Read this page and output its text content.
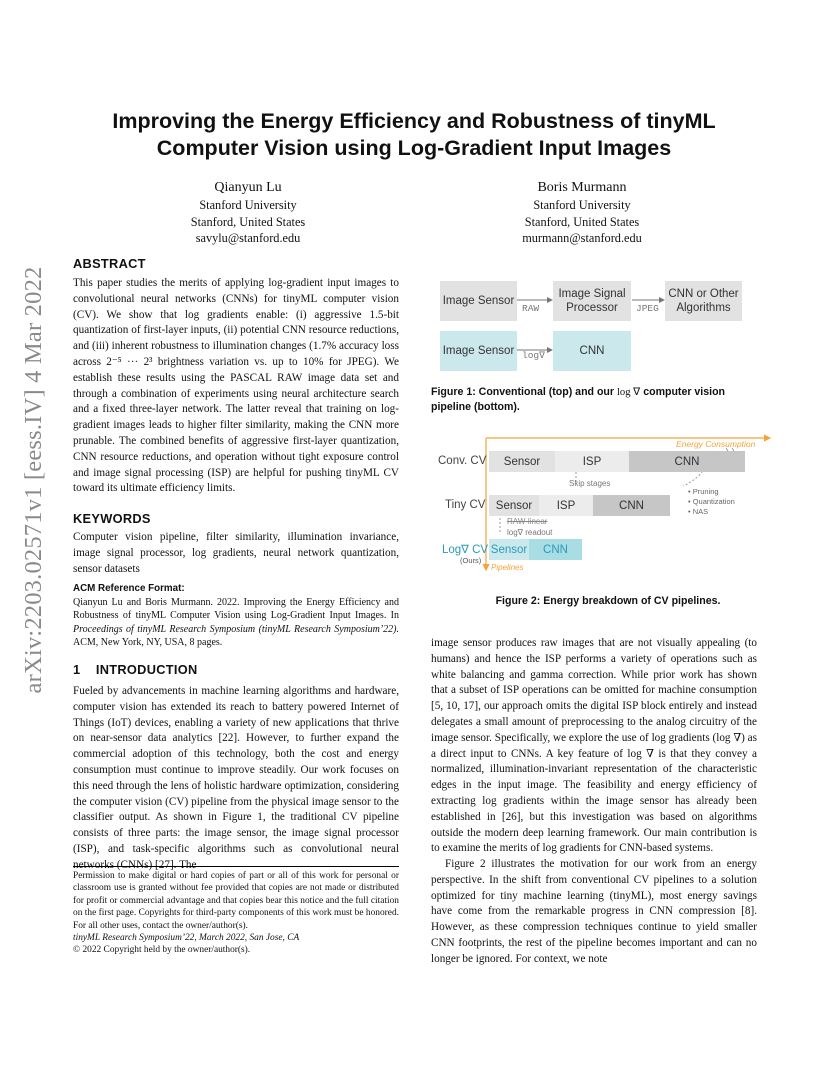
arXiv:2203.02571v1 [eess.IV] 4 Mar 2022
Improving the Energy Efficiency and Robustness of tinyML
Computer Vision using Log-Gradient Input Images
Qianyun Lu
Stanford University
Stanford, United States
savylu@stanford.edu
Boris Murmann
Stanford University
Stanford, United States
murmann@stanford.edu
ABSTRACT
This paper studies the merits of applying log-gradient input images to convolutional neural networks (CNNs) for tinyML computer vision (CV). We show that log gradients enable: (i) aggressive 1.5-bit quantization of first-layer inputs, (ii) potential CNN resource reductions, and (iii) inherent robustness to illumination changes (1.7% accuracy loss across 2⁻⁵ ··· 2³ brightness variation vs. up to 10% for JPEG). We establish these results using the PASCAL RAW image data set and through a combination of experiments using neural architecture search and a fixed three-layer network. The latter reveal that training on log-gradient images leads to higher filter similarity, making the CNN more prunable. The combined benefits of aggressive first-layer quantization, CNN resource reductions, and operation without tight exposure control and image signal processing (ISP) are helpful for pushing tinyML CV toward its ultimate efficiency limits.
KEYWORDS
Computer vision pipeline, filter similarity, illumination invariance, image signal processor, log gradients, neural network quantization, sensor datasets
ACM Reference Format:
Qianyun Lu and Boris Murmann. 2022. Improving the Energy Efficiency and Robustness of tinyML Computer Vision using Log-Gradient Input Images. In Proceedings of tinyML Research Symposium (tinyML Research Symposium’22). ACM, New York, NY, USA, 8 pages.
1 INTRODUCTION
Fueled by advancements in machine learning algorithms and hardware, computer vision has extended its reach to battery powered Internet of Things (IoT) devices, enabling a variety of new applications that thrive on near-sensor data analytics [22]. However, to further expand the commercial adoption of this technology, both the cost and energy consumption must continue to improve steadily. Our work focuses on this need through the lens of holistic hardware optimization, considering the computer vision (CV) pipeline from the physical image sensor to the classifier output. As shown in Figure 1, the traditional CV pipeline consists of three parts: the image sensor, the image signal processor (ISP), and task-specific algorithms such as convolutional neural networks (CNNs) [27]. The
Permission to make digital or hard copies of part or all of this work for personal or classroom use is granted without fee provided that copies are not made or distributed for profit or commercial advantage and that copies bear this notice and the full citation on the first page. Copyrights for third-party components of this work must be honored. For all other uses, contact the owner/author(s).
tinyML Research Symposium’22, March 2022, San Jose, CA
© 2022 Copyright held by the owner/author(s).
Image Sensor
Image Signal Processor
CNN or Other Algorithms
Image Sensor	CNN
RAW	JPEG
log∇
Figure 1: Conventional (top) and our log ∇ computer vision pipeline (bottom).
Energy Consumption
Pipelines
Conv. CV	Sensor	ISP	CNN
Skip stages
Tiny CV Sensor	ISP	CNN
• Pruning
• Quantization
• NAS
RAW-linear
log∇ readout
Log∇ CV
(Ours)
Sensor	CNN
Figure 2: Energy breakdown of CV pipelines.
image sensor produces raw images that are not visually appealing (to humans) and hence the ISP performs a variety of operations such as white balancing and gamma correction. While prior work has shown that a subset of ISP operations can be omitted for machine consumption [5, 10, 17], our approach omits the digital ISP block entirely and instead delegates a small amount of preprocessing to the analog circuitry of the image sensor. Specifically, we explore the use of log gradients (log ∇) as a direct input to CNNs. A key feature of log ∇ is that they convey a normalized, illumination-invariant representation of the characteristic edges in the input image. The feasibility and energy efficiency of extracting log gradients within the image sensor has already been established in [26], but this investigation was based on algorithms outside the modern deep learning framework. Our main contribution is to examine the merits of log gradients for CNN-based systems.
Figure 2 illustrates the motivation for our work from an energy perspective. In the shift from conventional CV pipelines to a solution optimized for tiny machine learning (tinyML), most energy savings have come from the remarkable progress in CNN compression [8]. However, as these compression techniques continue to yield smaller CNN footprints, the rest of the pipeline becomes important and can no longer be ignored. For context, we note
